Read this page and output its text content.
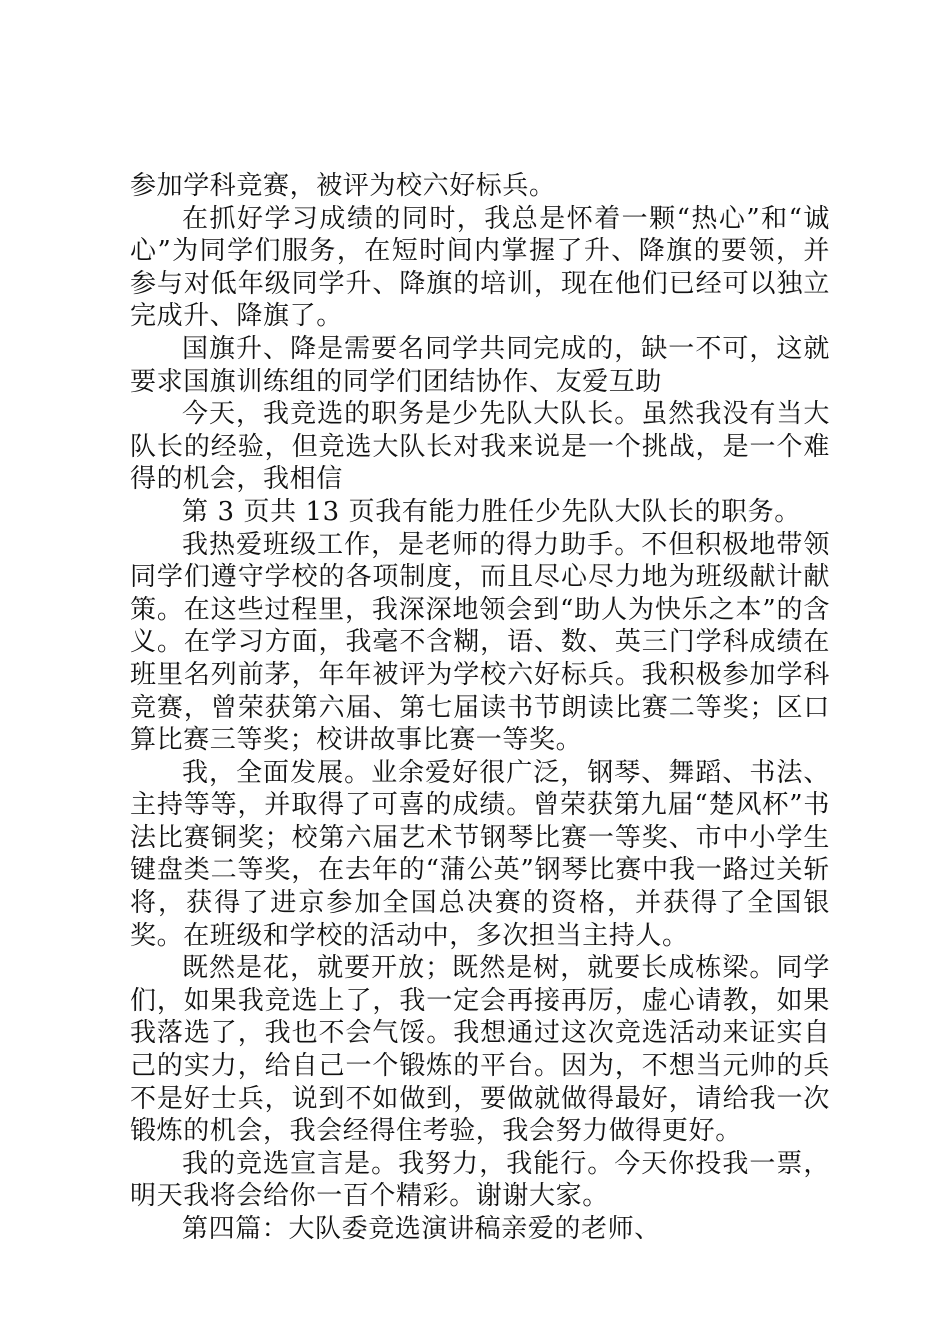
参加学科竞赛，被评为校六好标兵。

在抓好学习成绩的同时，我总是怀着一颗“热心”和“诚心”为同学们服务，在短时间内掌握了升、降旗的要领，并参与对低年级同学升、降旗的培训，现在他们已经可以独立完成升、降旗了。

国旗升、降是需要名同学共同完成的，缺一不可，这就要求国旗训练组的同学们团结协作、友爱互助

今天，我竞选的职务是少先队大队长。虽然我没有当大队长的经验，但竞选大队长对我来说是一个挑战，是一个难得的机会，我相信

第 3 页共 13 页我有能力胜任少先队大队长的职务。

我热爱班级工作，是老师的得力助手。不但积极地带领同学们遵守学校的各项制度，而且尽心尽力地为班级献计献策。在这些过程里，我深深地领会到“助人为快乐之本”的含义。在学习方面，我毫不含糊，语、数、英三门学科成绩在班里名列前茅，年年被评为学校六好标兵。我积极参加学科竞赛，曾荣获第六届、第七届读书节朗读比赛二等奖；区口算比赛三等奖；校讲故事比赛一等奖。

我，全面发展。业余爱好很广泛，钢琴、舞蹈、书法、主持等等，并取得了可喜的成绩。曾荣获第九届“楚风杯”书法比赛铜奖；校第六届艺术节钢琴比赛一等奖、市中小学生键盘类二等奖，在去年的“蒲公英”钢琴比赛中我一路过关斩将，获得了进京参加全国总决赛的资格，并获得了全国银奖。在班级和学校的活动中，多次担当主持人。

既然是花，就要开放；既然是树，就要长成栋梁。同学们，如果我竞选上了，我一定会再接再厉，虚心请教，如果我落选了，我也不会气馁。我想通过这次竞选活动来证实自己的实力，给自己一个锻炼的平台。因为，不想当元帅的兵不是好士兵，说到不如做到，要做就做得最好，请给我一次锻炼的机会，我会经得住考验，我会努力做得更好。

我的竞选宣言是。我努力，我能行。今天你投我一票，明天我将会给你一百个精彩。谢谢大家。

第四篇：大队委竞选演讲稿亲爱的老师、
